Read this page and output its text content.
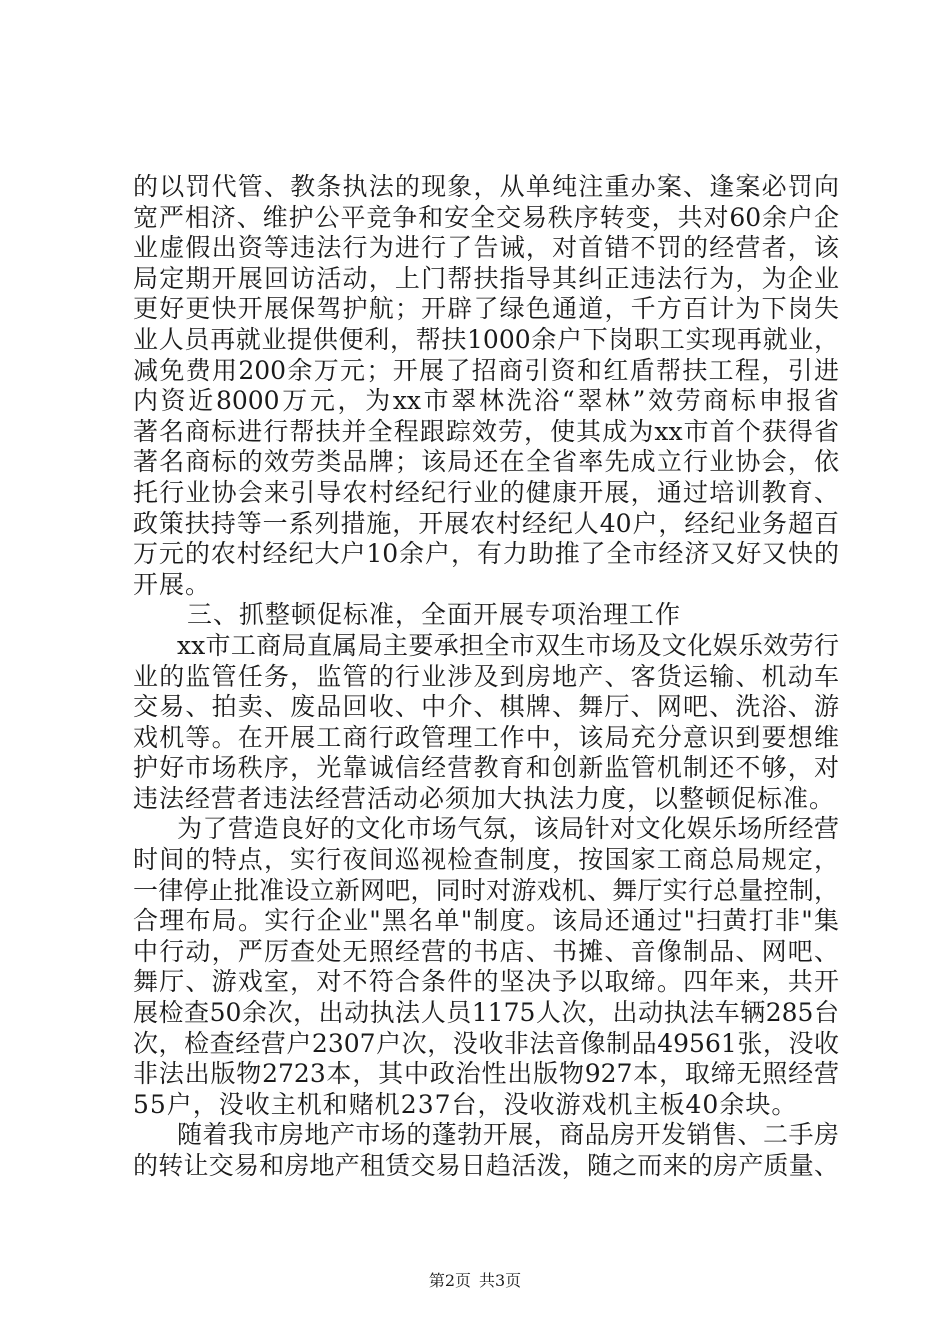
的以罚代管、教条执法的现象，从单纯注重办案、逢案必罚向
宽严相济、维护公平竞争和安全交易秩序转变，共对60余户企
业虚假出资等违法行为进行了告诫，对首错不罚的经营者，该
局定期开展回访活动，上门帮扶指导其纠正违法行为，为企业
更好更快开展保驾护航；开辟了绿色通道，千方百计为下岗失
业人员再就业提供便利，帮扶1000余户下岗职工实现再就业，
减免费用200余万元；开展了招商引资和红盾帮扶工程，引进
内资近8000万元，为xx市翠林洗浴“翠林”效劳商标申报省
著名商标进行帮扶并全程跟踪效劳，使其成为xx市首个获得省
著名商标的效劳类品牌；该局还在全省率先成立行业协会，依
托行业协会来引导农村经纪行业的健康开展，通过培训教育、
政策扶持等一系列措施，开展农村经纪人40户，经纪业务超百
万元的农村经纪大户10余户，有力助推了全市经济又好又快的
开展。
三、抓整顿促标准，全面开展专项治理工作
xx市工商局直属局主要承担全市双生市场及文化娱乐效劳行
业的监管任务，监管的行业涉及到房地产、客货运输、机动车
交易、拍卖、废品回收、中介、棋牌、舞厅、网吧、洗浴、游
戏机等。在开展工商行政管理工作中，该局充分意识到要想维
护好市场秩序，光靠诚信经营教育和创新监管机制还不够，对
违法经营者违法经营活动必须加大执法力度，以整顿促标准。
为了营造良好的文化市场气氛，该局针对文化娱乐场所经营
时间的特点，实行夜间巡视检查制度，按国家工商总局规定，
一律停止批准设立新网吧，同时对游戏机、舞厅实行总量控制，
合理布局。实行企业"黑名单"制度。该局还通过"扫黄打非"集
中行动，严厉查处无照经营的书店、书摊、音像制品、网吧、
舞厅、游戏室，对不符合条件的坚决予以取缔。四年来，共开
展检查50余次，出动执法人员1175人次，出动执法车辆285台
次，检查经营户2307户次，没收非法音像制品49561张，没收
非法出版物2723本，其中政治性出版物927本，取缔无照经营
55户，没收主机和赌机237台，没收游戏机主板40余块。
随着我市房地产市场的蓬勃开展，商品房开发销售、二手房
的转让交易和房地产租赁交易日趋活泼，随之而来的房产质量、
第2页 共3页
